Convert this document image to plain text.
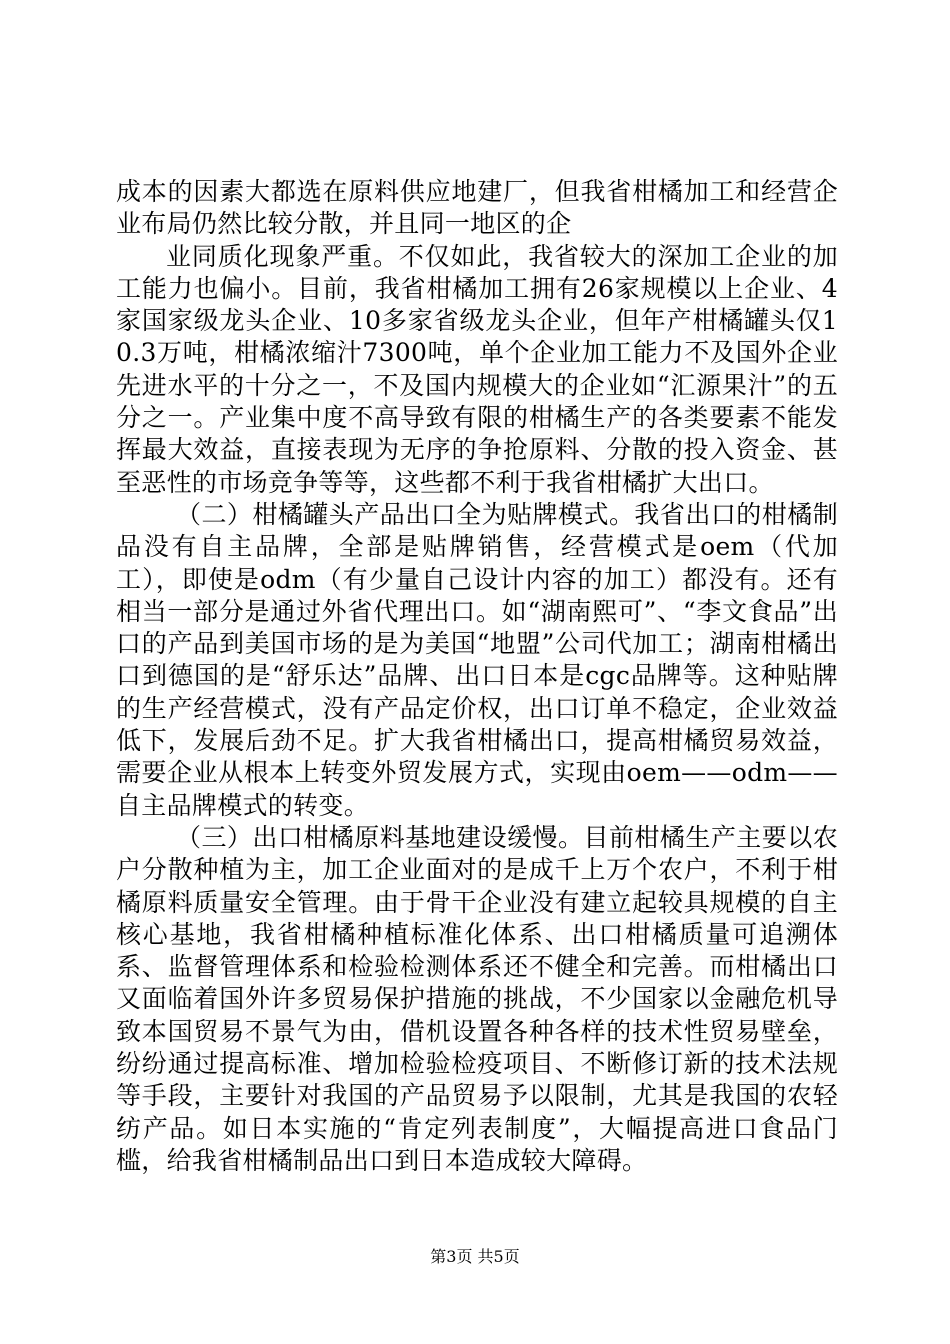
成本的因素大都选在原料供应地建厂，但我省柑橘加工和经营企业布局仍然比较分散，并且同一地区的企

业同质化现象严重。不仅如此，我省较大的深加工企业的加工能力也偏小。目前，我省柑橘加工拥有26家规模以上企业、4家国家级龙头企业、10多家省级龙头企业，但年产柑橘罐头仅10.3万吨，柑橘浓缩汁7300吨，单个企业加工能力不及国外企业先进水平的十分之一，不及国内规模大的企业如“汇源果汁”的五分之一。产业集中度不高导致有限的柑橘生产的各类要素不能发挥最大效益，直接表现为无序的争抢原料、分散的投入资金、甚至恶性的市场竞争等等，这些都不利于我省柑橘扩大出口。

（二）柑橘罐头产品出口全为贴牌模式。我省出口的柑橘制品没有自主品牌，全部是贴牌销售，经营模式是oem（代加工），即使是odm（有少量自己设计内容的加工）都没有。还有相当一部分是通过外省代理出口。如“湖南熙可”、“李文食品”出口的产品到美国市场的是为美国“地盟”公司代加工；湖南柑橘出口到德国的是“舒乐达”品牌、出口日本是cgc品牌等。这种贴牌的生产经营模式，没有产品定价权，出口订单不稳定，企业效益低下，发展后劲不足。扩大我省柑橘出口，提高柑橘贸易效益，需要企业从根本上转变外贸发展方式，实现由oem——odm——自主品牌模式的转变。

（三）出口柑橘原料基地建设缓慢。目前柑橘生产主要以农户分散种植为主，加工企业面对的是成千上万个农户，不利于柑橘原料质量安全管理。由于骨干企业没有建立起较具规模的自主核心基地，我省柑橘种植标准化体系、出口柑橘质量可追溯体系、监督管理体系和检验检测体系还不健全和完善。而柑橘出口又面临着国外许多贸易保护措施的挑战，不少国家以金融危机导致本国贸易不景气为由，借机设置各种各样的技术性贸易壁垒，纷纷通过提高标准、增加检验检疫项目、不断修订新的技术法规等手段，主要针对我国的产品贸易予以限制，尤其是我国的农轻纺产品。如日本实施的“肯定列表制度”，大幅提高进口食品门槛，给我省柑橘制品出口到日本造成较大障碍。

第3页 共5页
